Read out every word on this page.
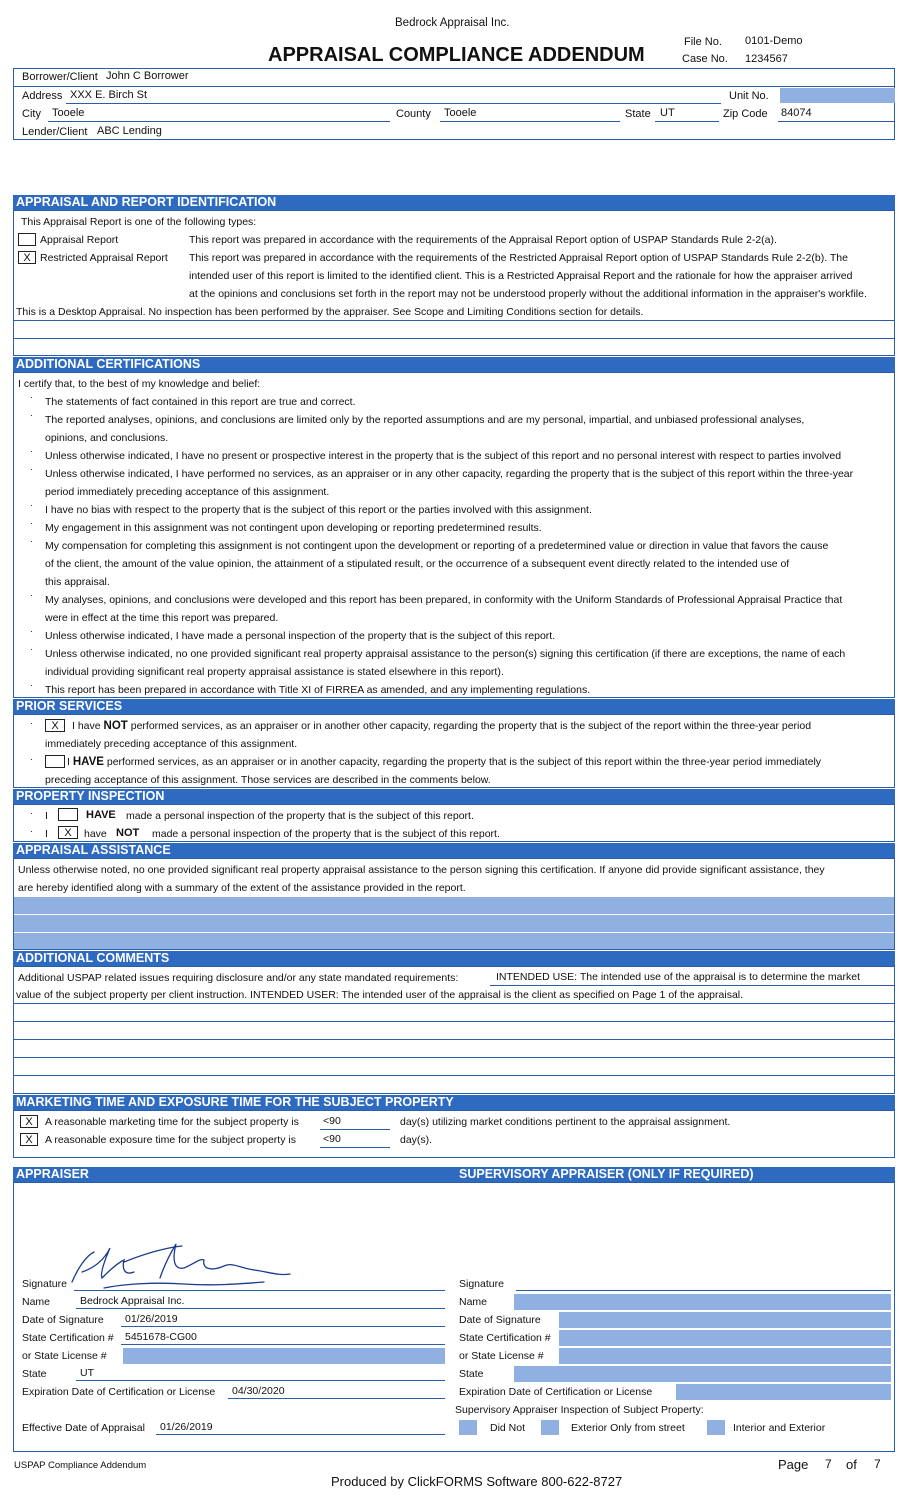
Bedrock Appraisal Inc.
APPRAISAL COMPLIANCE ADDENDUM
File No. 0101-Demo
Case No. 1234567
Borrower/Client John C Borrower
Address XXX E. Birch St	Unit No.
City Tooele	County Tooele	State UT	Zip Code 84074
Lender/Client ABC Lending
APPRAISAL AND REPORT IDENTIFICATION
This Appraisal Report is one of the following types:
Appraisal Report	This report was prepared in accordance with the requirements of the Appraisal Report option of USPAP Standards Rule 2-2(a).
X Restricted Appraisal Report This report was prepared in accordance with the requirements of the Restricted Appraisal Report option of USPAP Standards Rule 2-2(b). The
intended user of this report is limited to the identified client. This is a Restricted Appraisal Report and the rationale for how the appraiser arrived
at the opinions and conclusions set forth in the report may not be understood properly without the additional information in the appraiser's workfile.
This is a Desktop Appraisal. No inspection has been performed by the appraiser. See Scope and Limiting Conditions section for details.
ADDITIONAL CERTIFICATIONS
I certify that, to the best of my knowledge and belief:
The statements of fact contained in this report are true and correct.
·
The reported analyses, opinions, and conclusions are limited only by the reported assumptions and are my personal, impartial, and unbiased professional analyses,
·
opinions, and conclusions.
Unless otherwise indicated, I have no present or prospective interest in the property that is the subject of this report and no personal interest with respect to parties involved
·
Unless otherwise indicated, I have performed no services, as an appraiser or in any other capacity, regarding the property that is the subject of this report within the three-year
·
period immediately preceding acceptance of this assignment.
I have no bias with respect to the property that is the subject of this report or the parties involved with this assignment.
·
My engagement in this assignment was not contingent upon developing or reporting predetermined results.
·
My compensation for completing this assignment is not contingent upon the development or reporting of a predetermined value or direction in value that favors the cause
·
of the client, the amount of the value opinion, the attainment of a stipulated result, or the occurrence of a subsequent event directly related to the intended use of
this appraisal.
My analyses, opinions, and conclusions were developed and this report has been prepared, in conformity with the Uniform Standards of Professional Appraisal Practice that
·
were in effect at the time this report was prepared.
Unless otherwise indicated, I have made a personal inspection of the property that is the subject of this report.
·
Unless otherwise indicated, no one provided significant real property appraisal assistance to the person(s) signing this certification (if there are exceptions, the name of each
·
individual providing significant real property appraisal assistance is stated elsewhere in this report).
This report has been prepared in accordance with Title XI of FIRREA as amended, and any implementing regulations.
·
PRIOR SERVICES
·	X	I have NOT performed services, as an appraiser or in another other capacity, regarding the property that is the subject of the report within the three-year period
immediately preceding acceptance of this assignment.
·	I HAVE performed services, as an appraiser or in another capacity, regarding the property that is the subject of this report within the three-year period immediately
preceding acceptance of this assignment. Those services are described in the comments below.
PROPERTY INSPECTION
· I	HAVE made a personal inspection of the property that is the subject of this report.
· I	X	have NOT made a personal inspection of the property that is the subject of this report.
APPRAISAL ASSISTANCE
Unless otherwise noted, no one provided significant real property appraisal assistance to the person signing this certification. If anyone did provide significant assistance, they
are hereby identified along with a summary of the extent of the assistance provided in the report.
ADDITIONAL COMMENTS
Additional USPAP related issues requiring disclosure and/or any state mandated requirements:	INTENDED USE: The intended use of the appraisal is to determine the market
value of the subject property per client instruction. INTENDED USER: The intended user of the appraisal is the client as specified on Page 1 of the appraisal.
MARKETING TIME AND EXPOSURE TIME FOR THE SUBJECT PROPERTY
X	A reasonable marketing time for the subject property is <90	day(s) utilizing market conditions pertinent to the appraisal assignment.
X	A reasonable exposure time for the subject property is	<90	day(s).
APPRAISER	SUPERVISORY APPRAISER (ONLY IF REQUIRED)
Signature
Name	Bedrock Appraisal Inc.
Date of Signature 01/26/2019
State Certification # 5451678-CG00
or State License #
State	UT
Expiration Date of Certification or License 04/30/2020
Effective Date of Appraisal 01/26/2019
Signature
Name
Date of Signature
State Certification #
or State License #
State
Expiration Date of Certification or License
Supervisory Appraiser Inspection of Subject Property:
Did Not	Exterior Only from street	Interior and Exterior
USPAP Compliance Addendum	Page 7 of 7
Produced by ClickFORMS Software 800-622-8727
